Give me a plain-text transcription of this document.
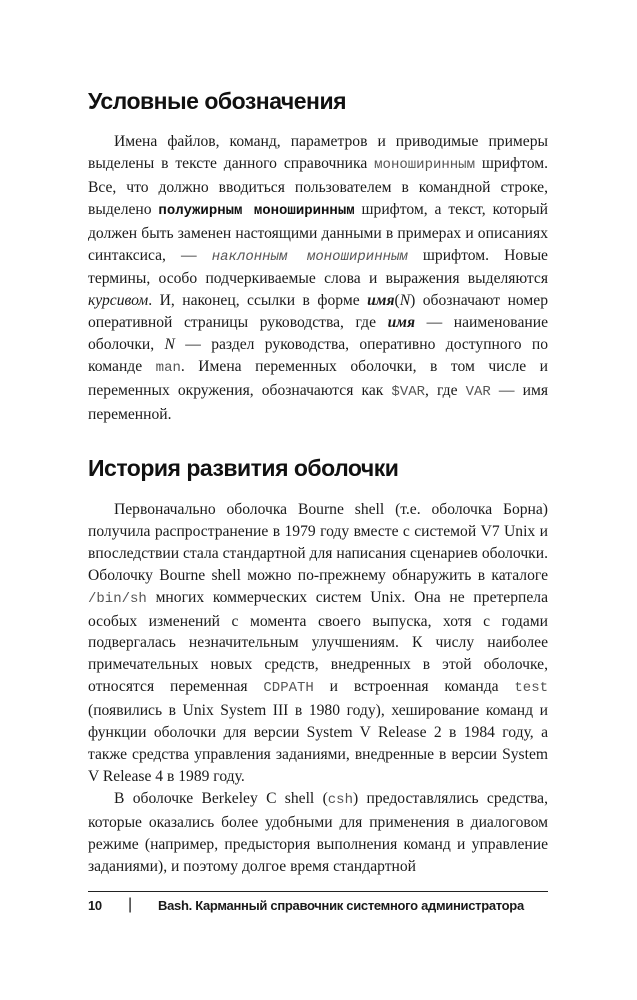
Условные обозначения

Имена файлов, команд, параметров и приводимые примеры выделены в тексте данного справочника моноширинным шрифтом. Все, что должно вводиться пользователем в командной строке, выделено полужирным моноширинным шрифтом, а текст, который должен быть заменен настоящими данными в примерах и описаниях синтаксиса, — наклонным моноширинным шрифтом. Новые термины, особо подчеркиваемые слова и выражения выделяются курсивом. И, наконец, ссылки в форме имя(N) обозначают номер оперативной страницы руководства, где имя — наименование оболочки, N — раздел руководства, оперативно доступного по команде man. Имена переменных оболочки, в том числе и переменных окружения, обозначаются как $VAR, где VAR — имя переменной.

История развития оболочки

Первоначально оболочка Bourne shell (т.е. оболочка Борна) получила распространение в 1979 году вместе с системой V7 Unix и впоследствии стала стандартной для написания сценариев оболочки. Оболочку Bourne shell можно по-прежнему обнаружить в каталоге /bin/sh многих коммерческих систем Unix. Она не претерпела особых изменений с момента своего выпуска, хотя с годами подвергалась незначительным улучшениям. К числу наиболее примечательных новых средств, внедренных в этой оболочке, относятся переменная CDPATH и встроенная команда test (появились в Unix System III в 1980 году), хеширование команд и функции оболочки для версии System V Release 2 в 1984 году, а также средства управления заданиями, внедренные в версии System V Release 4 в 1989 году.

В оболочке Berkeley C shell (csh) предоставлялись средства, которые оказались более удобными для применения в диалоговом режиме (например, предыстория выполнения команд и управление заданиями), и поэтому долгое время стандартной

10 | Bash. Карманный справочник системного администратора
